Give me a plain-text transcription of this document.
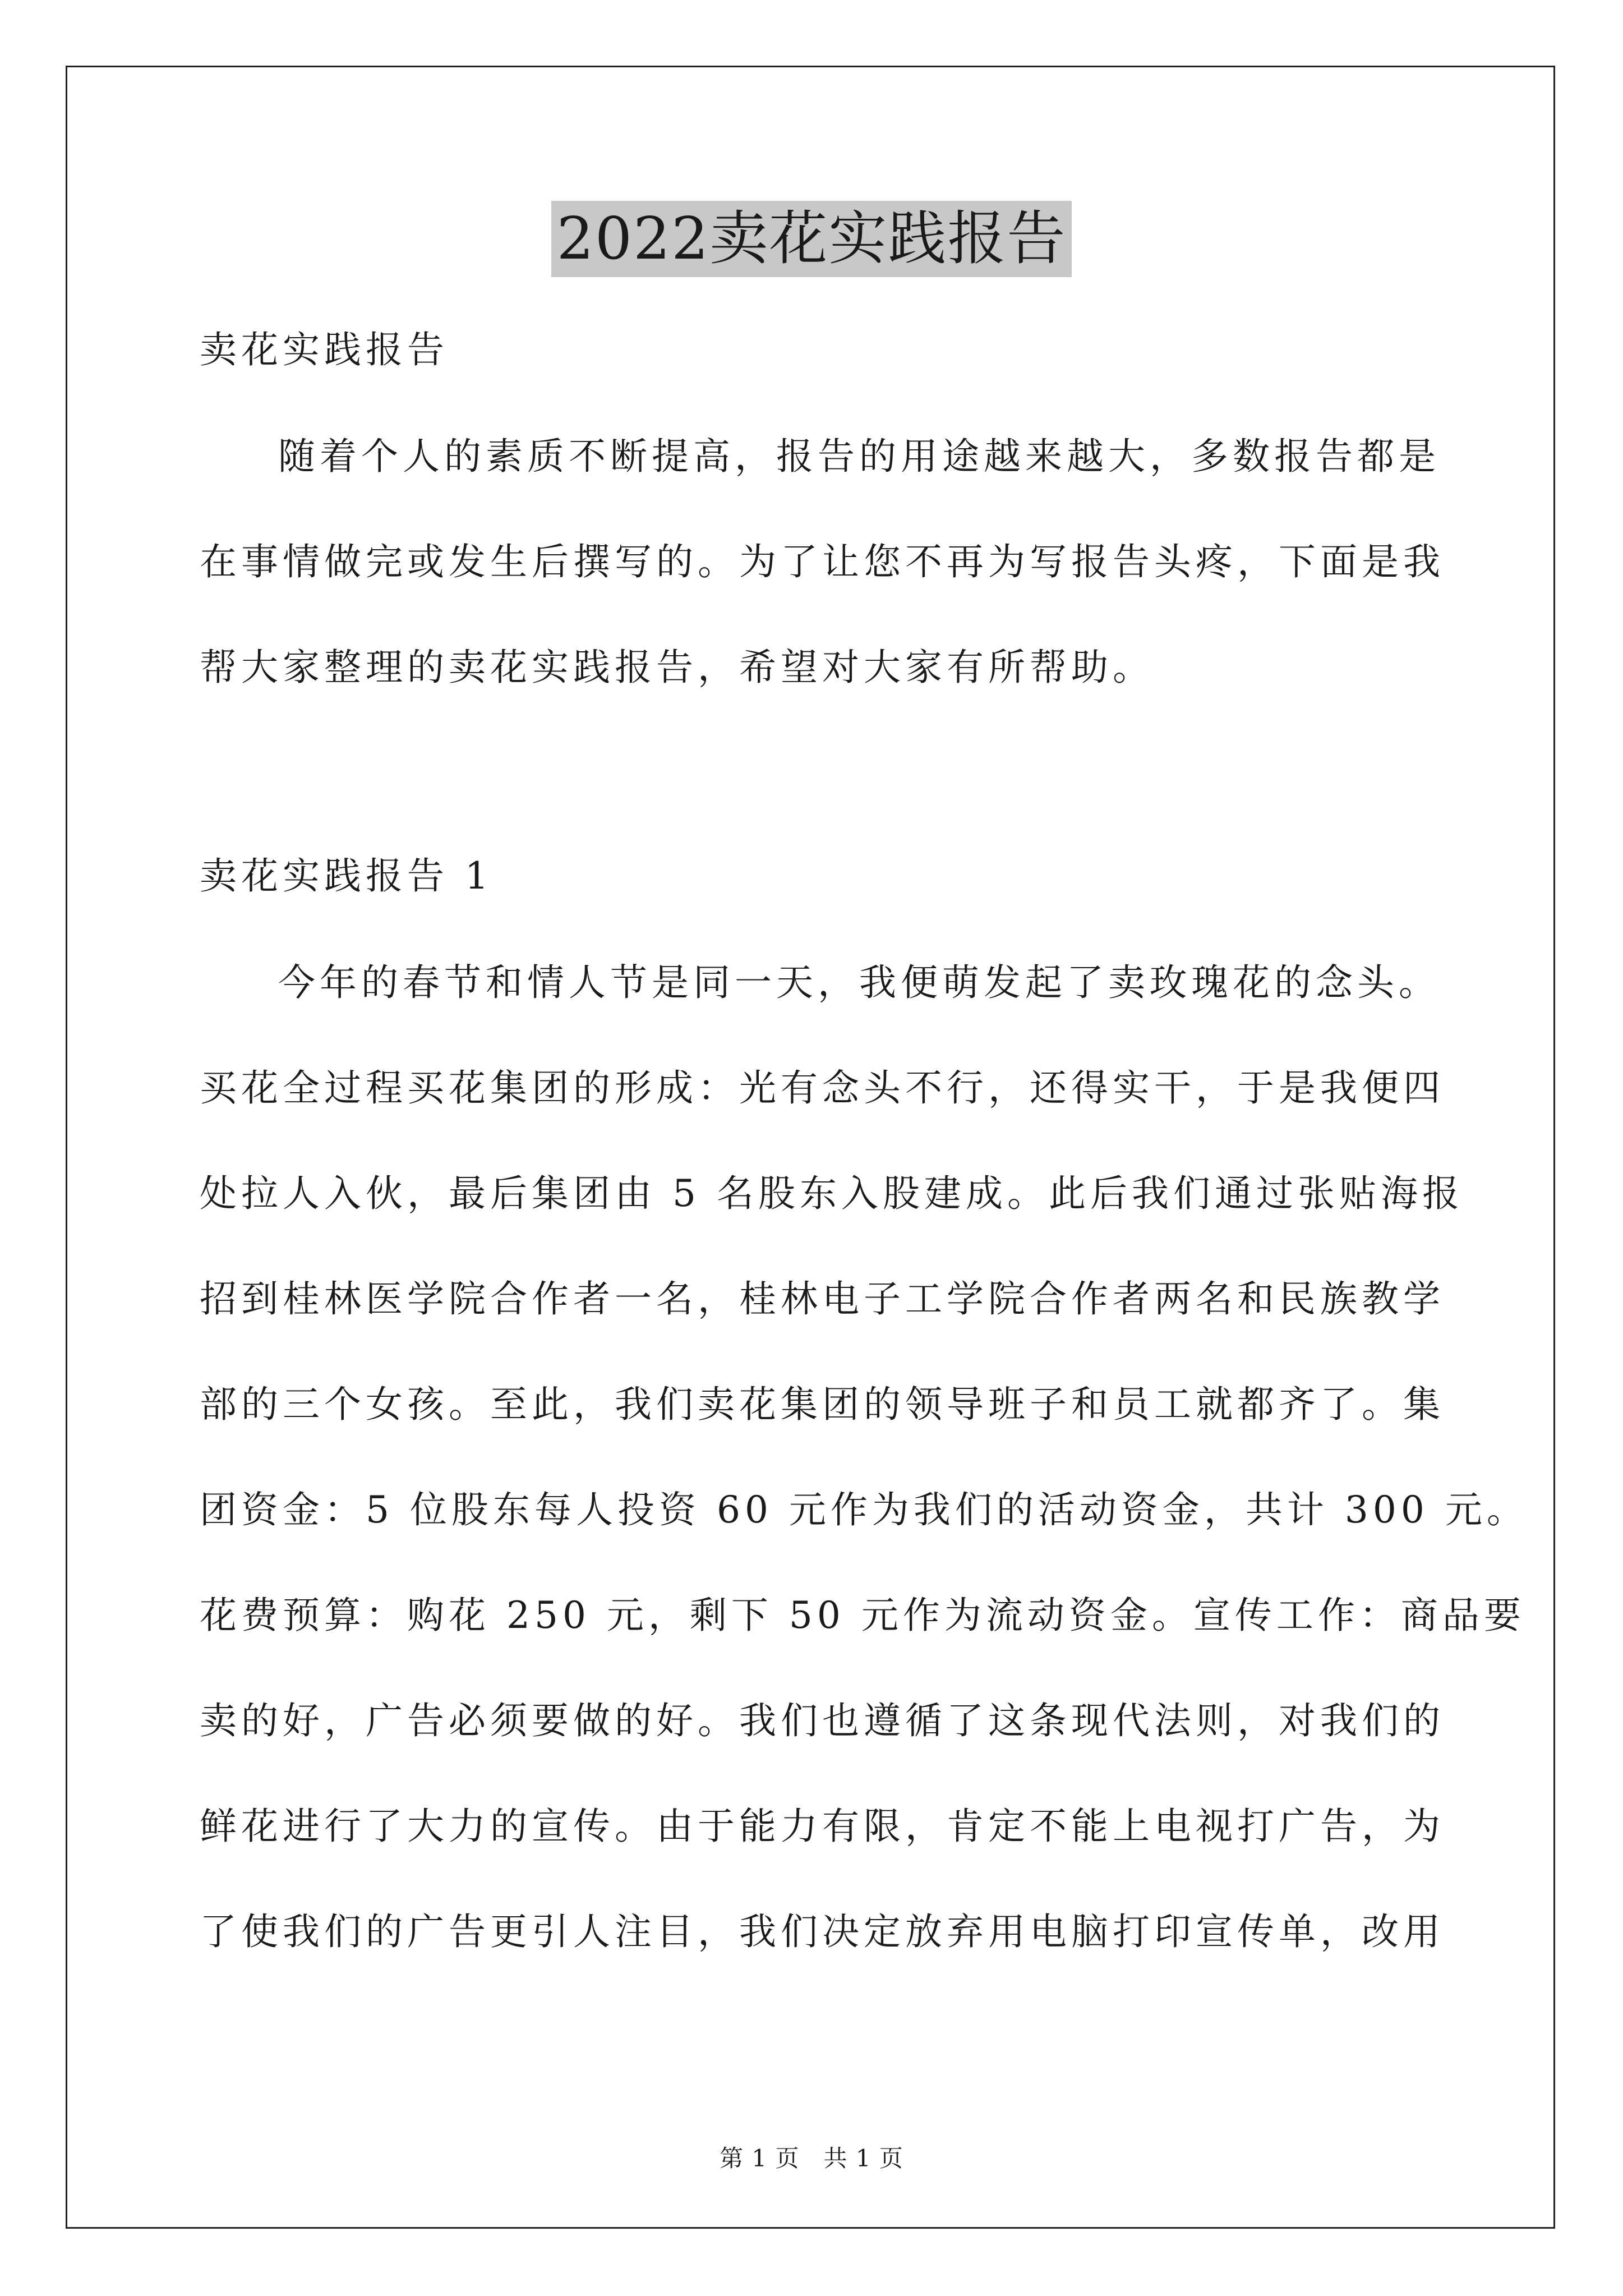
2022卖花实践报告
卖花实践报告
随着个人的素质不断提高，报告的用途越来越大，多数报告都是
在事情做完或发生后撰写的。为了让您不再为写报告头疼，下面是我
帮大家整理的卖花实践报告，希望对大家有所帮助。
卖花实践报告 1
今年的春节和情人节是同一天，我便萌发起了卖玫瑰花的念头。
买花全过程买花集团的形成：光有念头不行，还得实干，于是我便四
处拉人入伙，最后集团由 5 名股东入股建成。此后我们通过张贴海报
招到桂林医学院合作者一名，桂林电子工学院合作者两名和民族教学
部的三个女孩。至此，我们卖花集团的领导班子和员工就都齐了。集
团资金：5 位股东每人投资 60 元作为我们的活动资金，共计 300 元。
花费预算：购花 250 元，剩下 50 元作为流动资金。宣传工作：商品要
卖的好，广告必须要做的好。我们也遵循了这条现代法则，对我们的
鲜花进行了大力的宣传。由于能力有限，肯定不能上电视打广告，为
了使我们的广告更引人注目，我们决定放弃用电脑打印宣传单，改用
第 1 页　共 1 页
